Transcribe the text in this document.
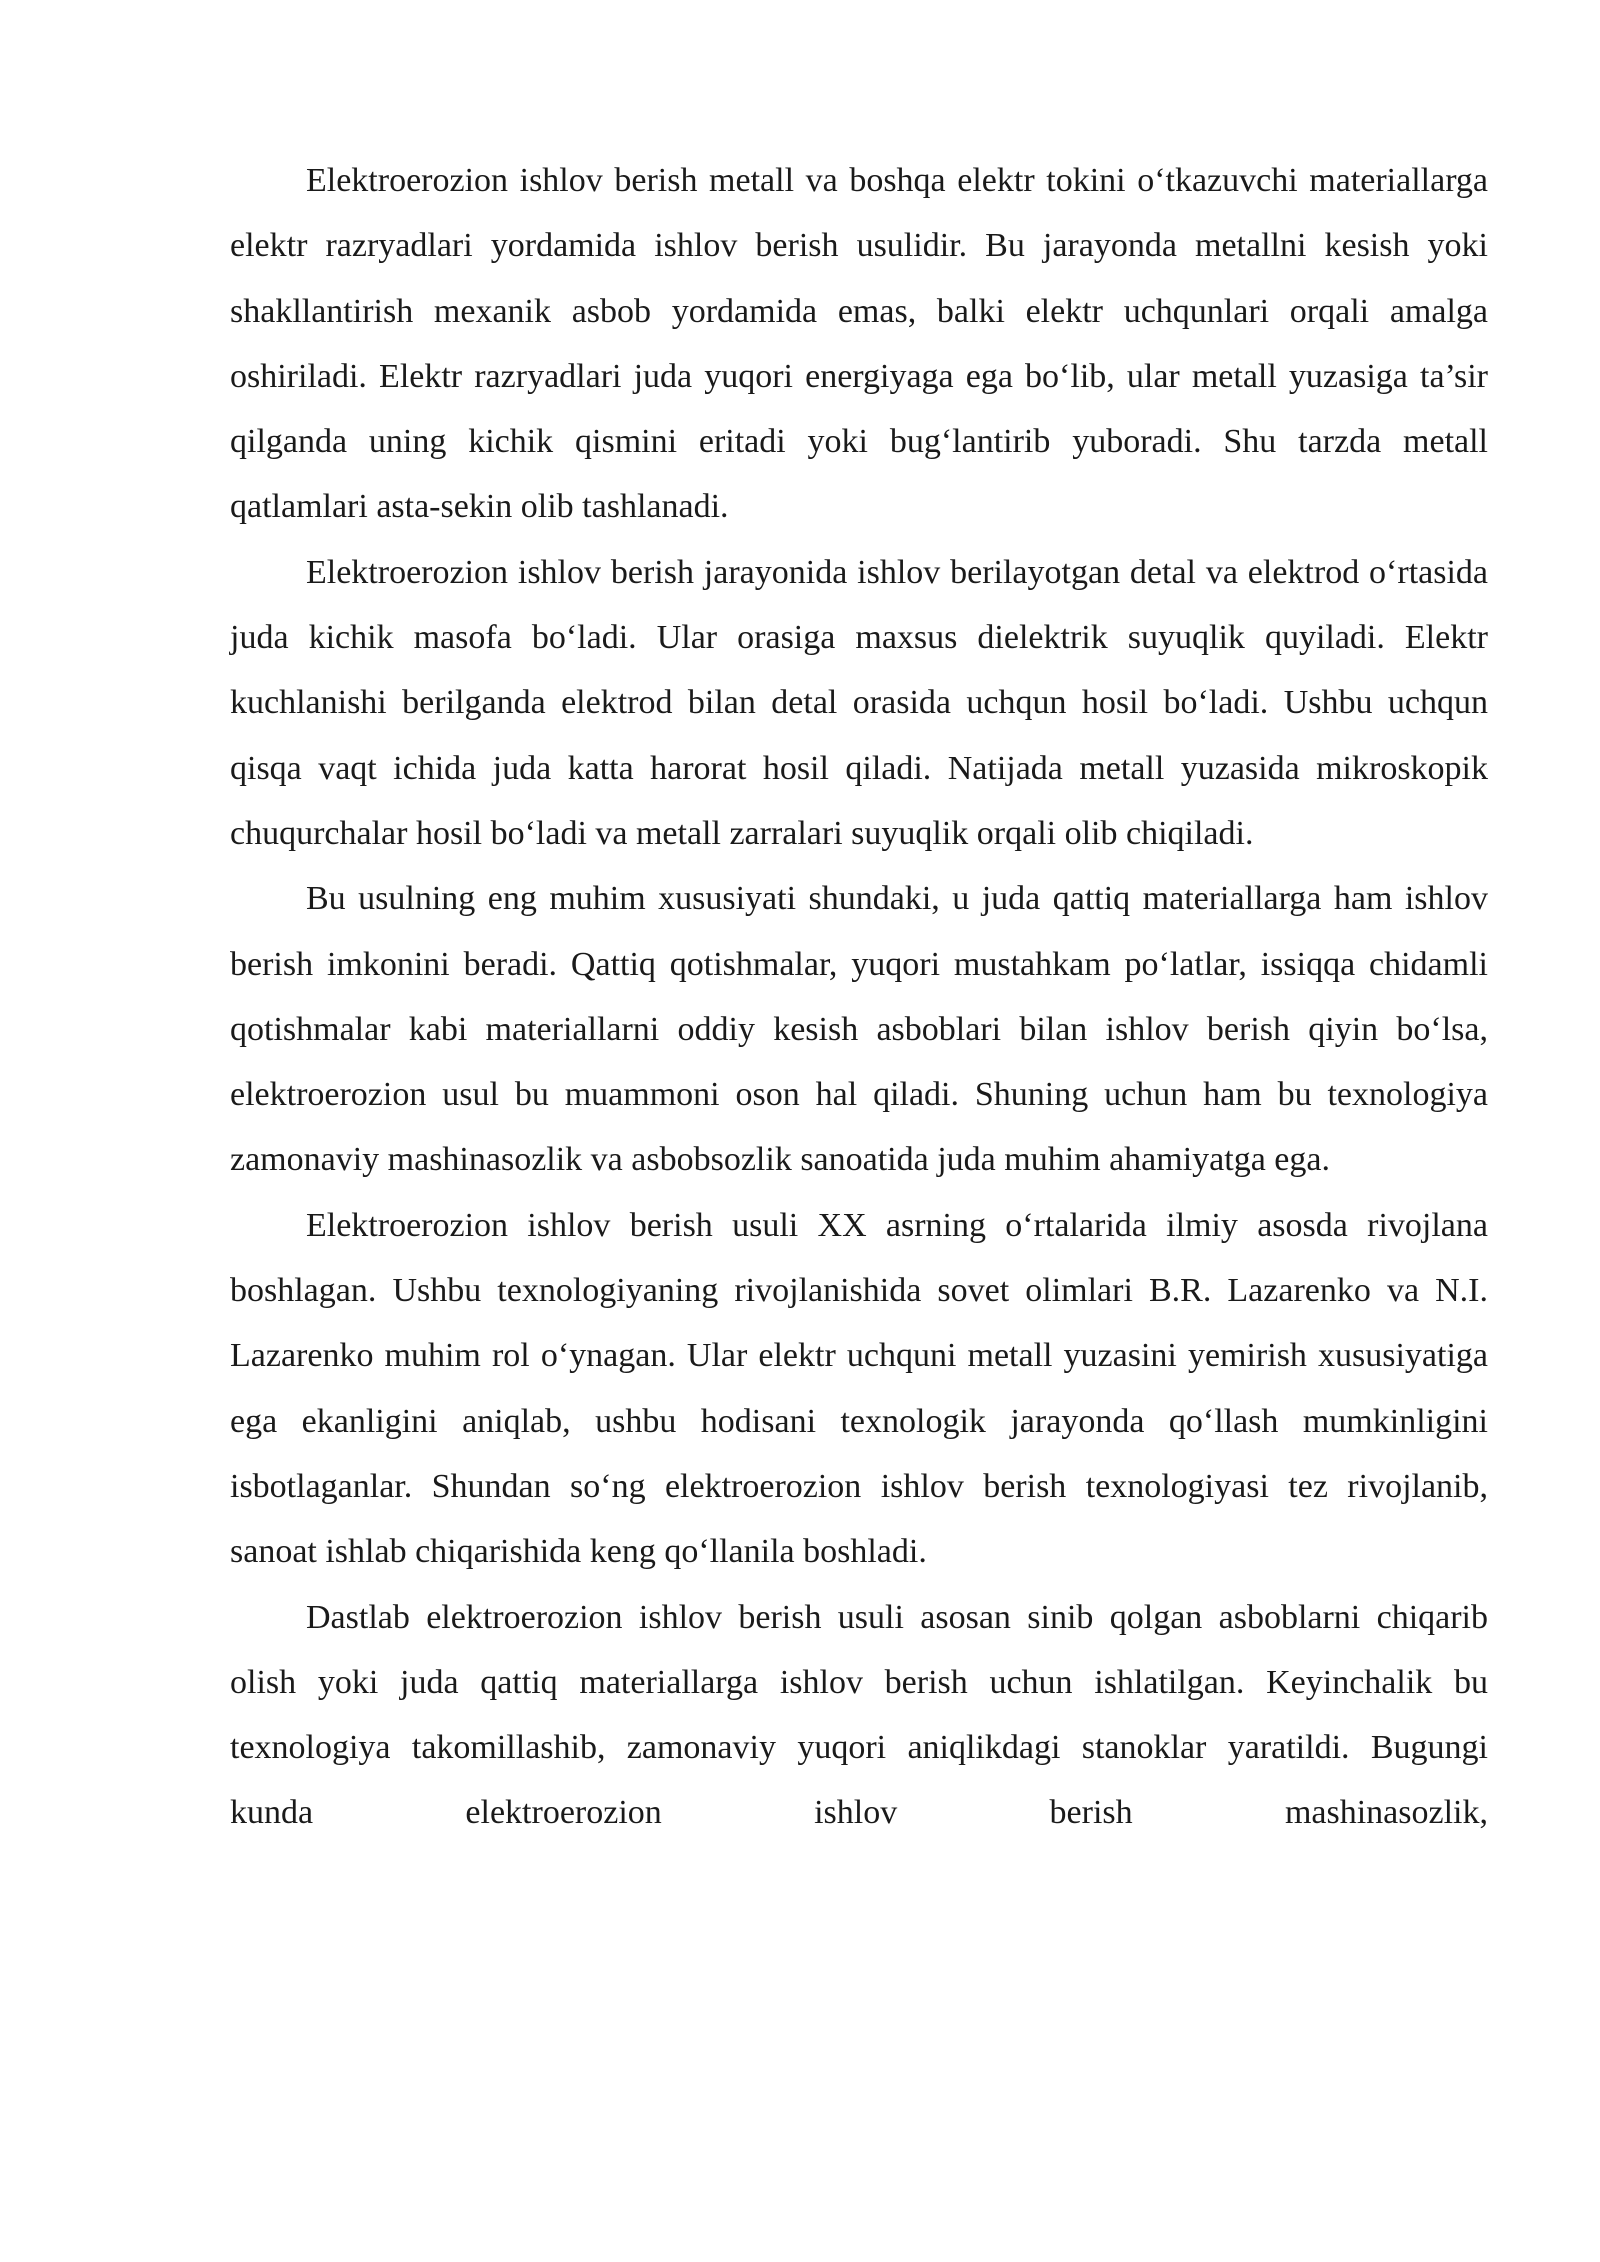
Elektroerozion ishlov berish metall va boshqa elektr tokini o‘tkazuvchi materiallarga elektr razryadlari yordamida ishlov berish usulidir. Bu jarayonda metallni kesish yoki shakllantirish mexanik asbob yordamida emas, balki elektr uchqunlari orqali amalga oshiriladi. Elektr razryadlari juda yuqori energiyaga ega bo‘lib, ular metall yuzasiga ta’sir qilganda uning kichik qismini eritadi yoki bug‘lantirib yuboradi. Shu tarzda metall qatlamlari asta-sekin olib tashlanadi.

Elektroerozion ishlov berish jarayonida ishlov berilayotgan detal va elektrod o‘rtasida juda kichik masofa bo‘ladi. Ular orasiga maxsus dielektrik suyuqlik quyiladi. Elektr kuchlanishi berilganda elektrod bilan detal orasida uchqun hosil bo‘ladi. Ushbu uchqun qisqa vaqt ichida juda katta harorat hosil qiladi. Natijada metall yuzasida mikroskopik chuqurchalar hosil bo‘ladi va metall zarralari suyuqlik orqali olib chiqiladi.

Bu usulning eng muhim xususiyati shundaki, u juda qattiq materiallarga ham ishlov berish imkonini beradi. Qattiq qotishmalar, yuqori mustahkam po‘latlar, issiqqa chidamli qotishmalar kabi materiallarni oddiy kesish asboblari bilan ishlov berish qiyin bo‘lsa, elektroerozion usul bu muammoni oson hal qiladi. Shuning uchun ham bu texnologiya zamonaviy mashinasozlik va asbobsozlik sanoatida juda muhim ahamiyatga ega.

Elektroerozion ishlov berish usuli XX asrning o‘rtalarida ilmiy asosda rivojlana boshlagan. Ushbu texnologiyaning rivojlanishida sovet olimlari B.R. Lazarenko va N.I. Lazarenko muhim rol o‘ynagan. Ular elektr uchquni metall yuzasini yemirish xususiyatiga ega ekanligini aniqlab, ushbu hodisani texnologik jarayonda qo‘llash mumkinligini isbotlaganlar. Shundan so‘ng elektroerozion ishlov berish texnologiyasi tez rivojlanib, sanoat ishlab chiqarishida keng qo‘llanila boshladi.

Dastlab elektroerozion ishlov berish usuli asosan sinib qolgan asboblarni chiqarib olish yoki juda qattiq materiallarga ishlov berish uchun ishlatilgan. Keyinchalik bu texnologiya takomillashib, zamonaviy yuqori aniqlikdagi stanoklar yaratildi. Bugungi kunda elektroerozion ishlov berish mashinasozlik,
